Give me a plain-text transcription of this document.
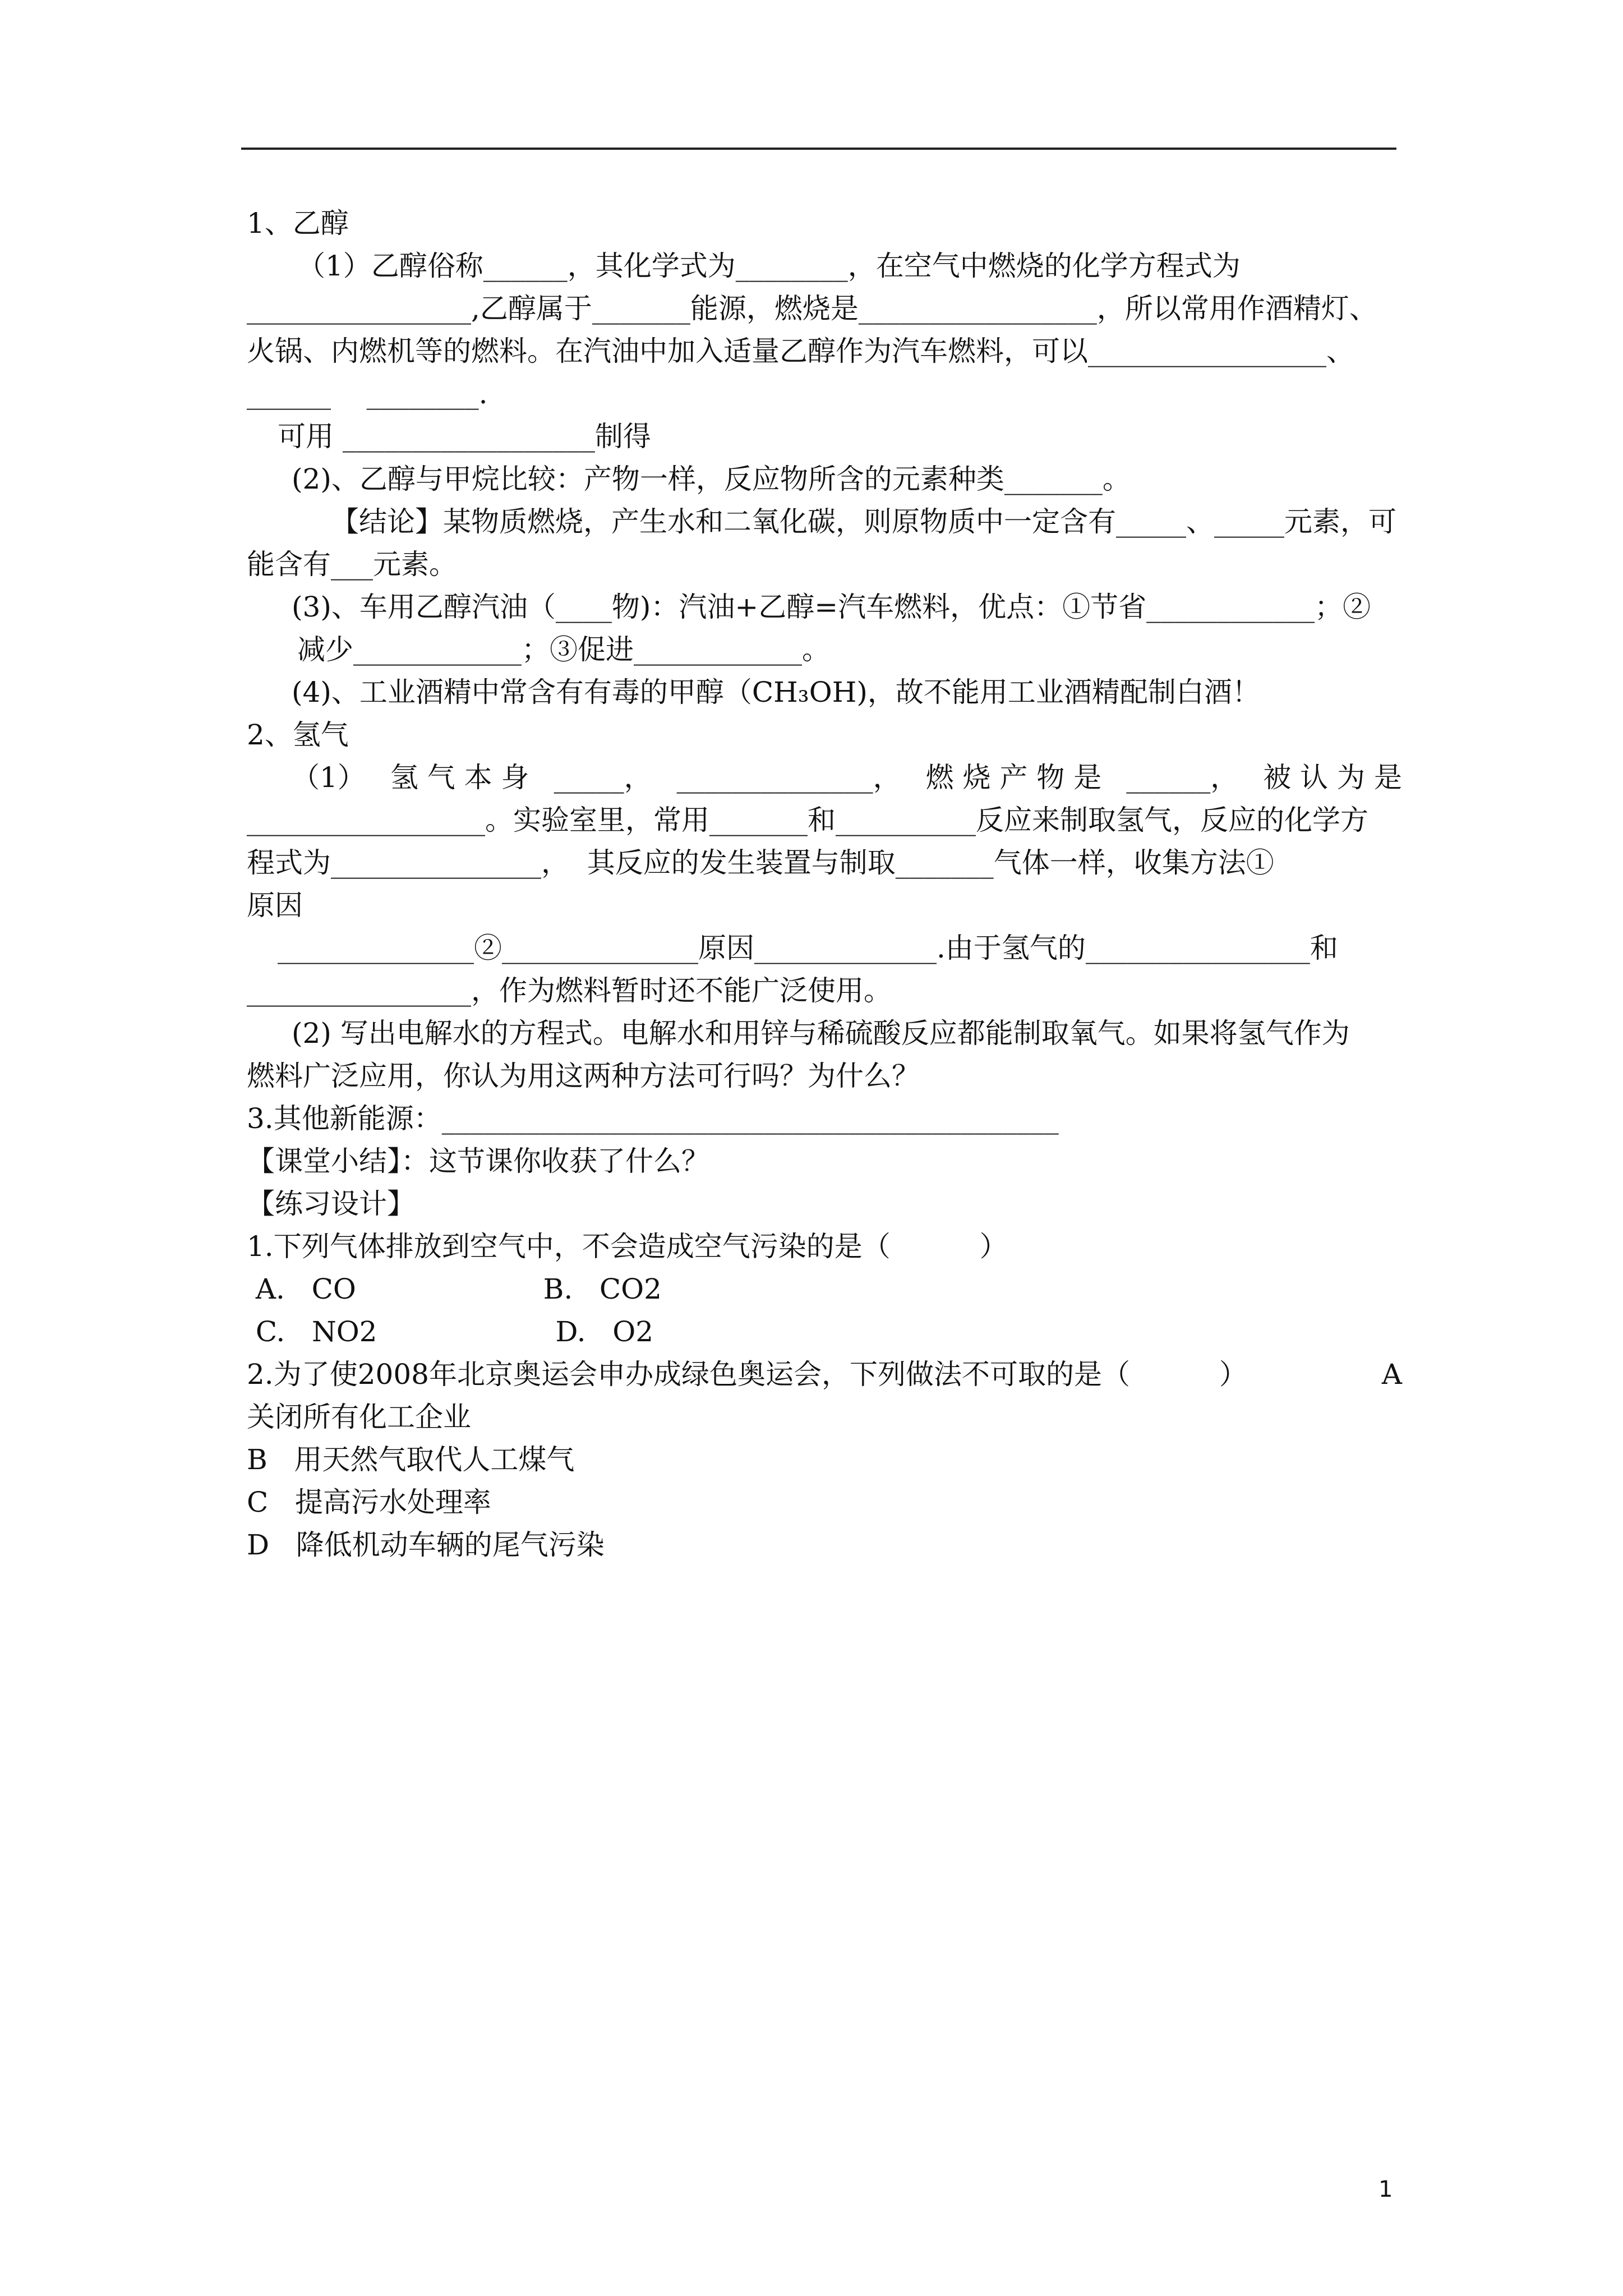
1、乙醇
（1）乙醇俗称______，其化学式为________，在空气中燃烧的化学方程式为
________________,乙醇属于_______能源，燃烧是_________________，所以常用作酒精灯、
火锅、内燃机等的燃料。在汽油中加入适量乙醇作为汽车燃料，可以_________________、
______    ________.
可用 __________________制得
(2)、乙醇与甲烷比较：产物一样，反应物所含的元素种类_______。
【结论】某物质燃烧，产生水和二氧化碳，则原物质中一定含有_____、_____元素，可
能含有___元素。
(3)、车用乙醇汽油（____物)：汽油+乙醇=汽车燃料，优点：①节省____________；②
减少____________；③促进____________。
(4)、工业酒精中常含有有毒的甲醇（CH₃OH)，故不能用工业酒精配制白酒！
2、氢气
（1） 氢 气 本 身 _____， ______________， 燃 烧 产 物 是 ______， 被 认 为 是
_________________。实验室里，常用_______和__________反应来制取氢气，反应的化学方
程式为_______________，  其反应的发生装置与制取_______气体一样，收集方法①
原因
______________②______________原因_____________.由于氢气的________________和
________________，作为燃料暂时还不能广泛使用。
(2) 写出电解水的方程式。电解水和用锌与稀硫酸反应都能制取氧气。如果将氢气作为
燃料广泛应用，你认为用这两种方法可行吗？为什么？
3.其他新能源：____________________________________________
【课堂小结】：这节课你收获了什么？
【练习设计】
1.下列气体排放到空气中，不会造成空气污染的是（          ）
A.   CO                     B.   CO2
C.   NO2                    D.   O2
2.为了使2008年北京奥运会申办成绿色奥运会，下列做法不可取的是（          ）	A
关闭所有化工企业
B   用天然气取代人工煤气
C   提高污水处理率
D   降低机动车辆的尾气污染
1
